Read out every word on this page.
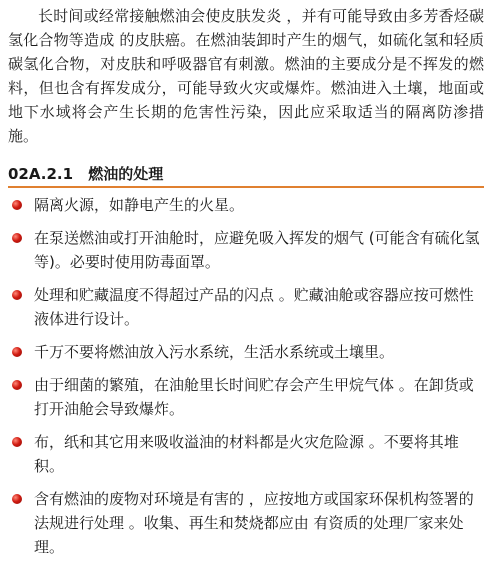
长时间或经常接触燃油会使皮肤发炎 ，并有可能导致由多芳香烃碳氢化合物等造成 的皮肤癌。在燃油装卸时产生的烟气，如硫化氢和轻质碳氢化合物，对皮肤和呼吸器官有刺激。燃油的主要成分是不挥发的燃料，但也含有挥发成分，可能导致火灾或爆炸。燃油进入土壤，地面或地下水域将会产生长期的危害性污染，因此应采取适当的隔离防渗措施。

02A.2.1 燃油的处理
隔离火源，如静电产生的火星。
在泵送燃油或打开油舱时，应避免吸入挥发的烟气 (可能含有硫化氢等)。必要时使用防毒面罩。
处理和贮藏温度不得超过产品的闪点 。贮藏油舱或容器应按可燃性液体进行设计。
千万不要将燃油放入污水系统，生活水系统或土壤里。
由于细菌的繁殖，在油舱里长时间贮存会产生甲烷气体 。在卸货或打开油舱会导致爆炸。
布，纸和其它用来吸收溢油的材料都是火灾危险源 。不要将其堆积。
含有燃油的废物对环境是有害的 ，应按地方或国家环保机构签署的法规进行处理 。收集、再生和焚烧都应由 有资质的处理厂家来处理。
